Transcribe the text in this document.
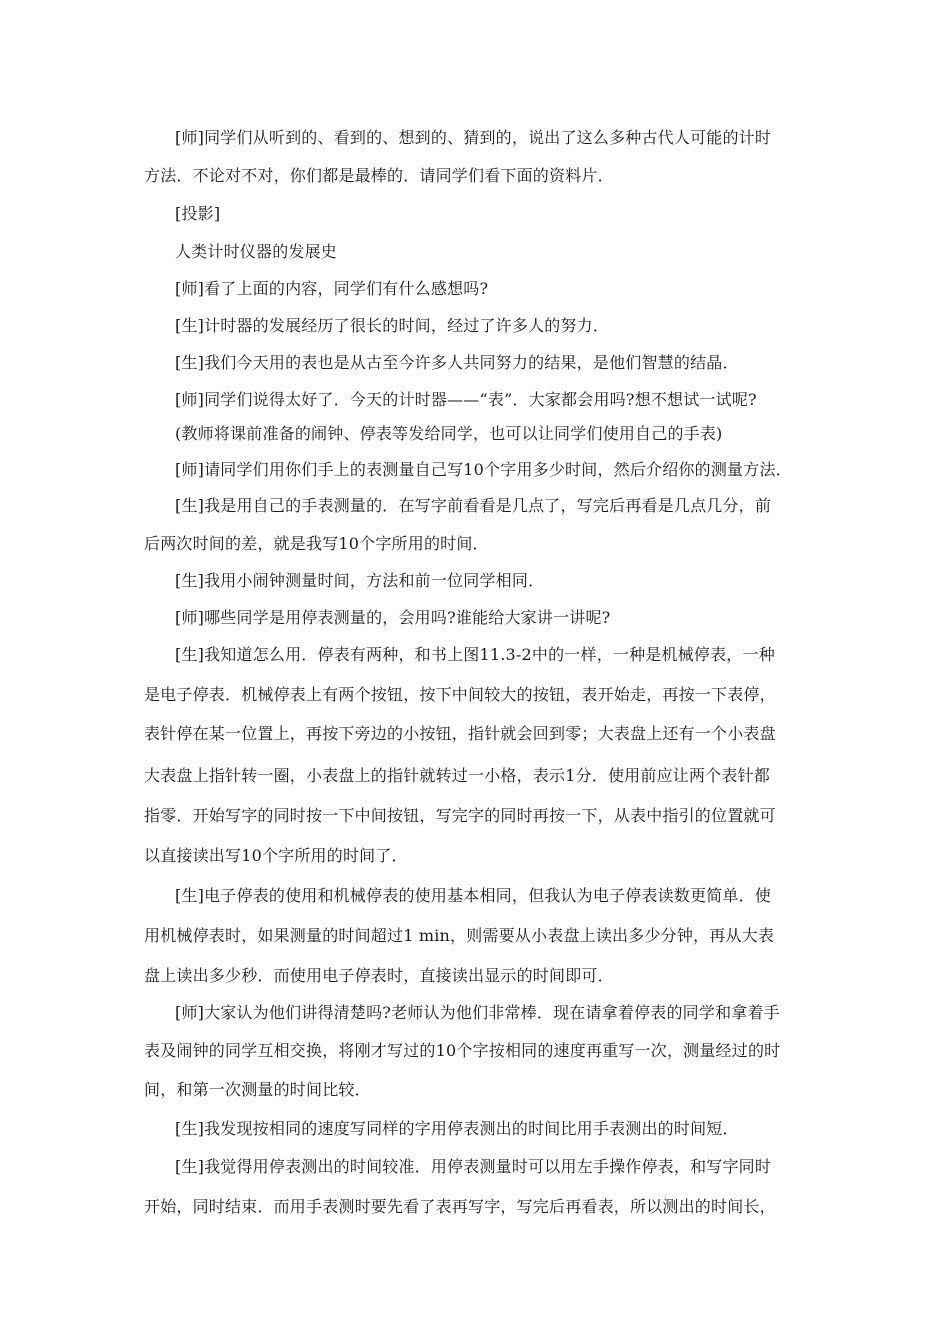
[师]同学们从听到的、看到的、想到的、猜到的，说出了这么多种古代人可能的计时
方法．不论对不对，你们都是最棒的．请同学们看下面的资料片．
[投影]
人类计时仪器的发展史
[师]看了上面的内容，同学们有什么感想吗?
[生]计时器的发展经历了很长的时间，经过了许多人的努力．
[生]我们今天用的表也是从古至今许多人共同努力的结果，是他们智慧的结晶．
[师]同学们说得太好了．今天的计时器——“表”．大家都会用吗?想不想试一试呢?
(教师将课前准备的闹钟、停表等发给同学，也可以让同学们使用自己的手表)
[师]请同学们用你们手上的表测量自己写10个字用多少时间，然后介绍你的测量方法．
[生]我是用自己的手表测量的．在写字前看看是几点了，写完后再看是几点几分，前
后两次时间的差，就是我写10个字所用的时间．
[生]我用小闹钟测量时间，方法和前一位同学相同．
[师]哪些同学是用停表测量的，会用吗?谁能给大家讲一讲呢?
[生]我知道怎么用．停表有两种，和书上图11.3-2中的一样，一种是机械停表，一种
是电子停表．机械停表上有两个按钮，按下中间较大的按钮，表开始走，再按一下表停，
表针停在某一位置上，再按下旁边的小按钮，指针就会回到零；大表盘上还有一个小表盘
大表盘上指针转一圈，小表盘上的指针就转过一小格，表示1分．使用前应让两个表针都
指零．开始写字的同时按一下中间按钮，写完字的同时再按一下，从表中指引的位置就可
以直接读出写10个字所用的时间了．
[生]电子停表的使用和机械停表的使用基本相同，但我认为电子停表读数更简单．使
用机械停表时，如果测量的时间超过1 min，则需要从小表盘上读出多少分钟，再从大表
盘上读出多少秒．而使用电子停表时，直接读出显示的时间即可．
[师]大家认为他们讲得清楚吗?老师认为他们非常棒．现在请拿着停表的同学和拿着手
表及闹钟的同学互相交换，将刚才写过的10个字按相同的速度再重写一次，测量经过的时
间，和第一次测量的时间比较．
[生]我发现按相同的速度写同样的字用停表测出的时间比用手表测出的时间短．
[生]我觉得用停表测出的时间较准．用停表测量时可以用左手操作停表，和写字同时
开始，同时结束．而用手表测时要先看了表再写字，写完后再看表，所以测出的时间长，
